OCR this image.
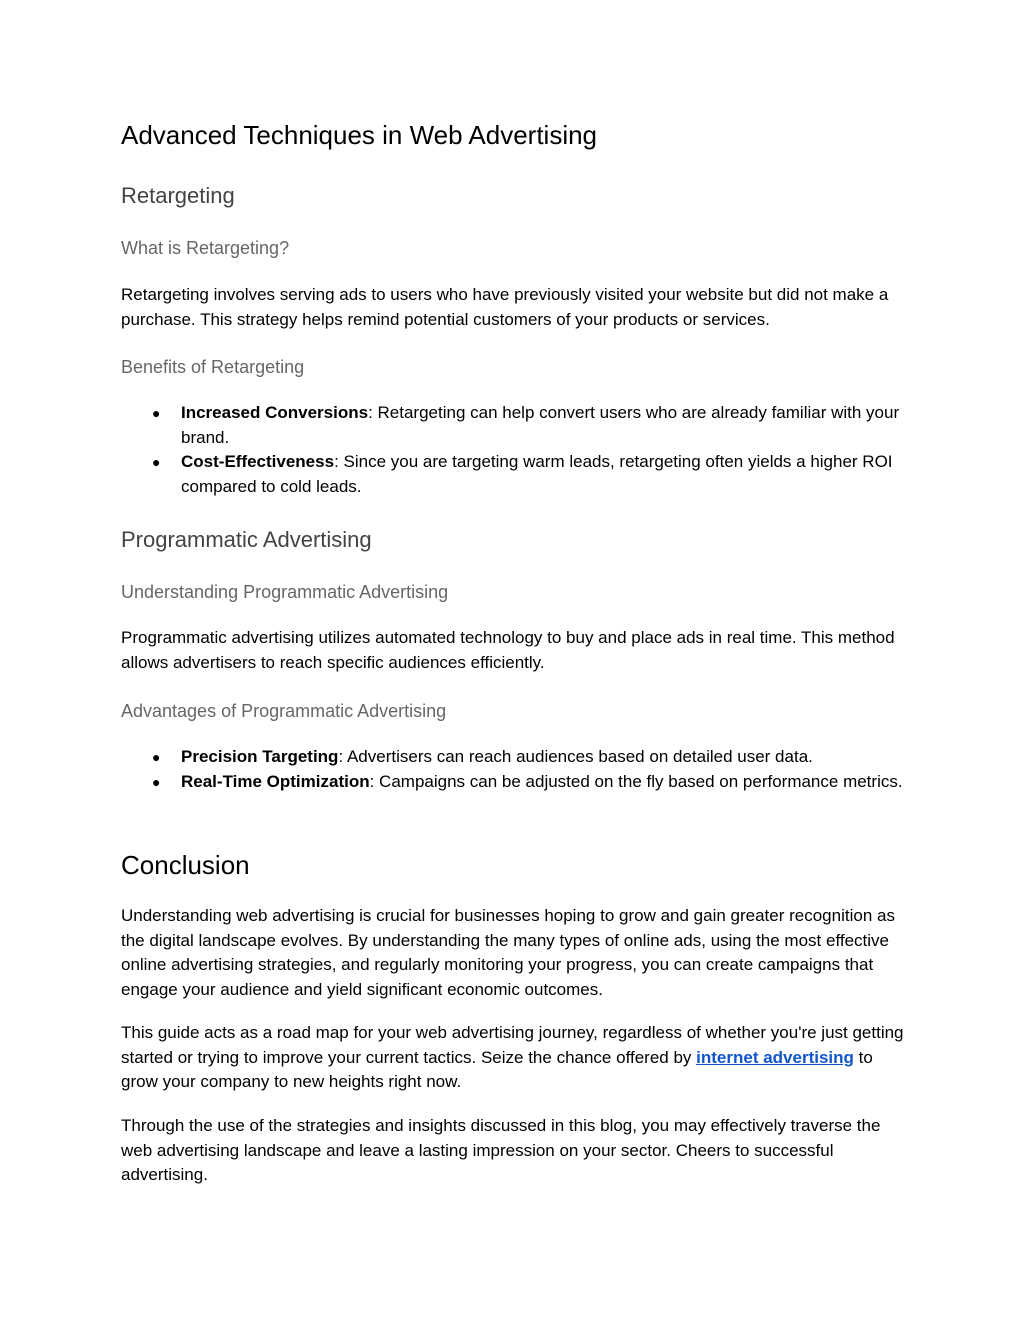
Advanced Techniques in Web Advertising
Retargeting
What is Retargeting?

Retargeting involves serving ads to users who have previously visited your website but did not make a purchase. This strategy helps remind potential customers of your products or services.

Benefits of Retargeting
● Increased Conversions: Retargeting can help convert users who are already familiar with your brand.
● Cost-Effectiveness: Since you are targeting warm leads, retargeting often yields a higher ROI compared to cold leads.
Programmatic Advertising
Understanding Programmatic Advertising

Programmatic advertising utilizes automated technology to buy and place ads in real time. This method allows advertisers to reach specific audiences efficiently.

Advantages of Programmatic Advertising
● Precision Targeting: Advertisers can reach audiences based on detailed user data.
● Real-Time Optimization: Campaigns can be adjusted on the fly based on performance metrics.
Conclusion

Understanding web advertising is crucial for businesses hoping to grow and gain greater recognition as the digital landscape evolves. By understanding the many types of online ads, using the most effective online advertising strategies, and regularly monitoring your progress, you can create campaigns that engage your audience and yield significant economic outcomes.

This guide acts as a road map for your web advertising journey, regardless of whether you're just getting started or trying to improve your current tactics. Seize the chance offered by internet advertising to grow your company to new heights right now.

Through the use of the strategies and insights discussed in this blog, you may effectively traverse the web advertising landscape and leave a lasting impression on your sector. Cheers to successful advertising.
